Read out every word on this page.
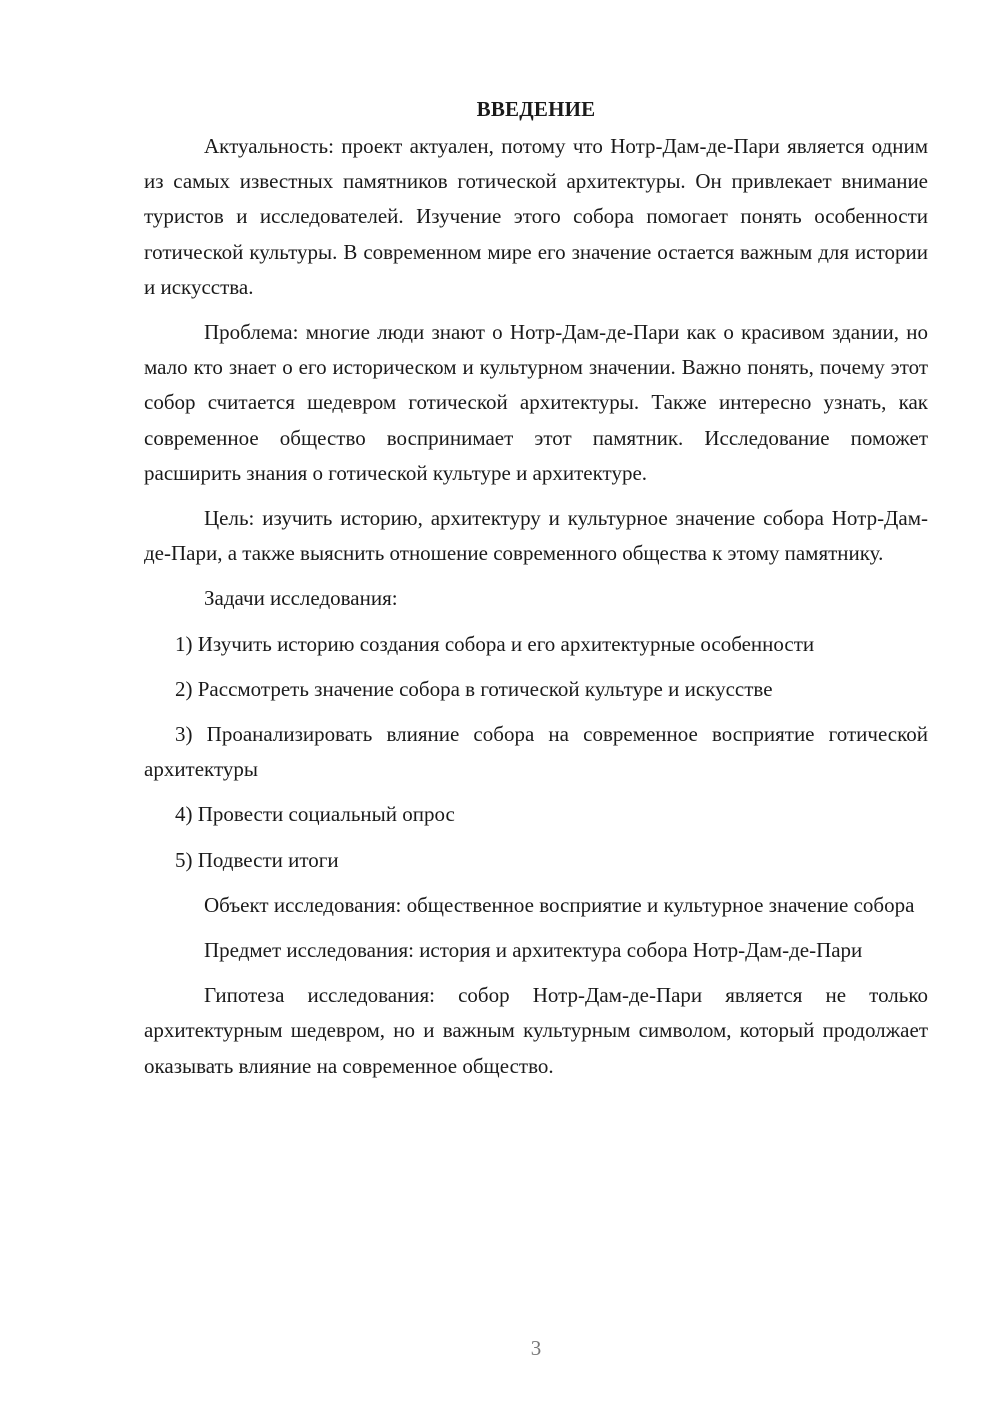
ВВЕДЕНИЕ

Актуальность: проект актуален, потому что Нотр-Дам-де-Пари является одним из самых известных памятников готической архитектуры. Он привлекает внимание туристов и исследователей. Изучение этого собора помогает понять особенности готической культуры. В современном мире его значение остается важным для истории и искусства.

Проблема: многие люди знают о Нотр-Дам-де-Пари как о красивом здании, но мало кто знает о его историческом и культурном значении. Важно понять, почему этот собор считается шедевром готической архитектуры. Также интересно узнать, как современное общество воспринимает этот памятник. Исследование поможет расширить знания о готической культуре и архитектуре.

Цель: изучить историю, архитектуру и культурное значение собора Нотр-Дам-де-Пари, а также выяснить отношение современного общества к этому памятнику.

Задачи исследования:

1) Изучить историю создания собора и его архитектурные особенности

2) Рассмотреть значение собора в готической культуре и искусстве

3) Проанализировать влияние собора на современное восприятие готической архитектуры

4) Провести социальный опрос

5) Подвести итоги

Объект исследования: общественное восприятие и культурное значение собора

Предмет исследования: история и архитектура собора Нотр-Дам-де-Пари

Гипотеза исследования: собор Нотр-Дам-де-Пари является не только архитектурным шедевром, но и важным культурным символом, который продолжает оказывать влияние на современное общество.

3
